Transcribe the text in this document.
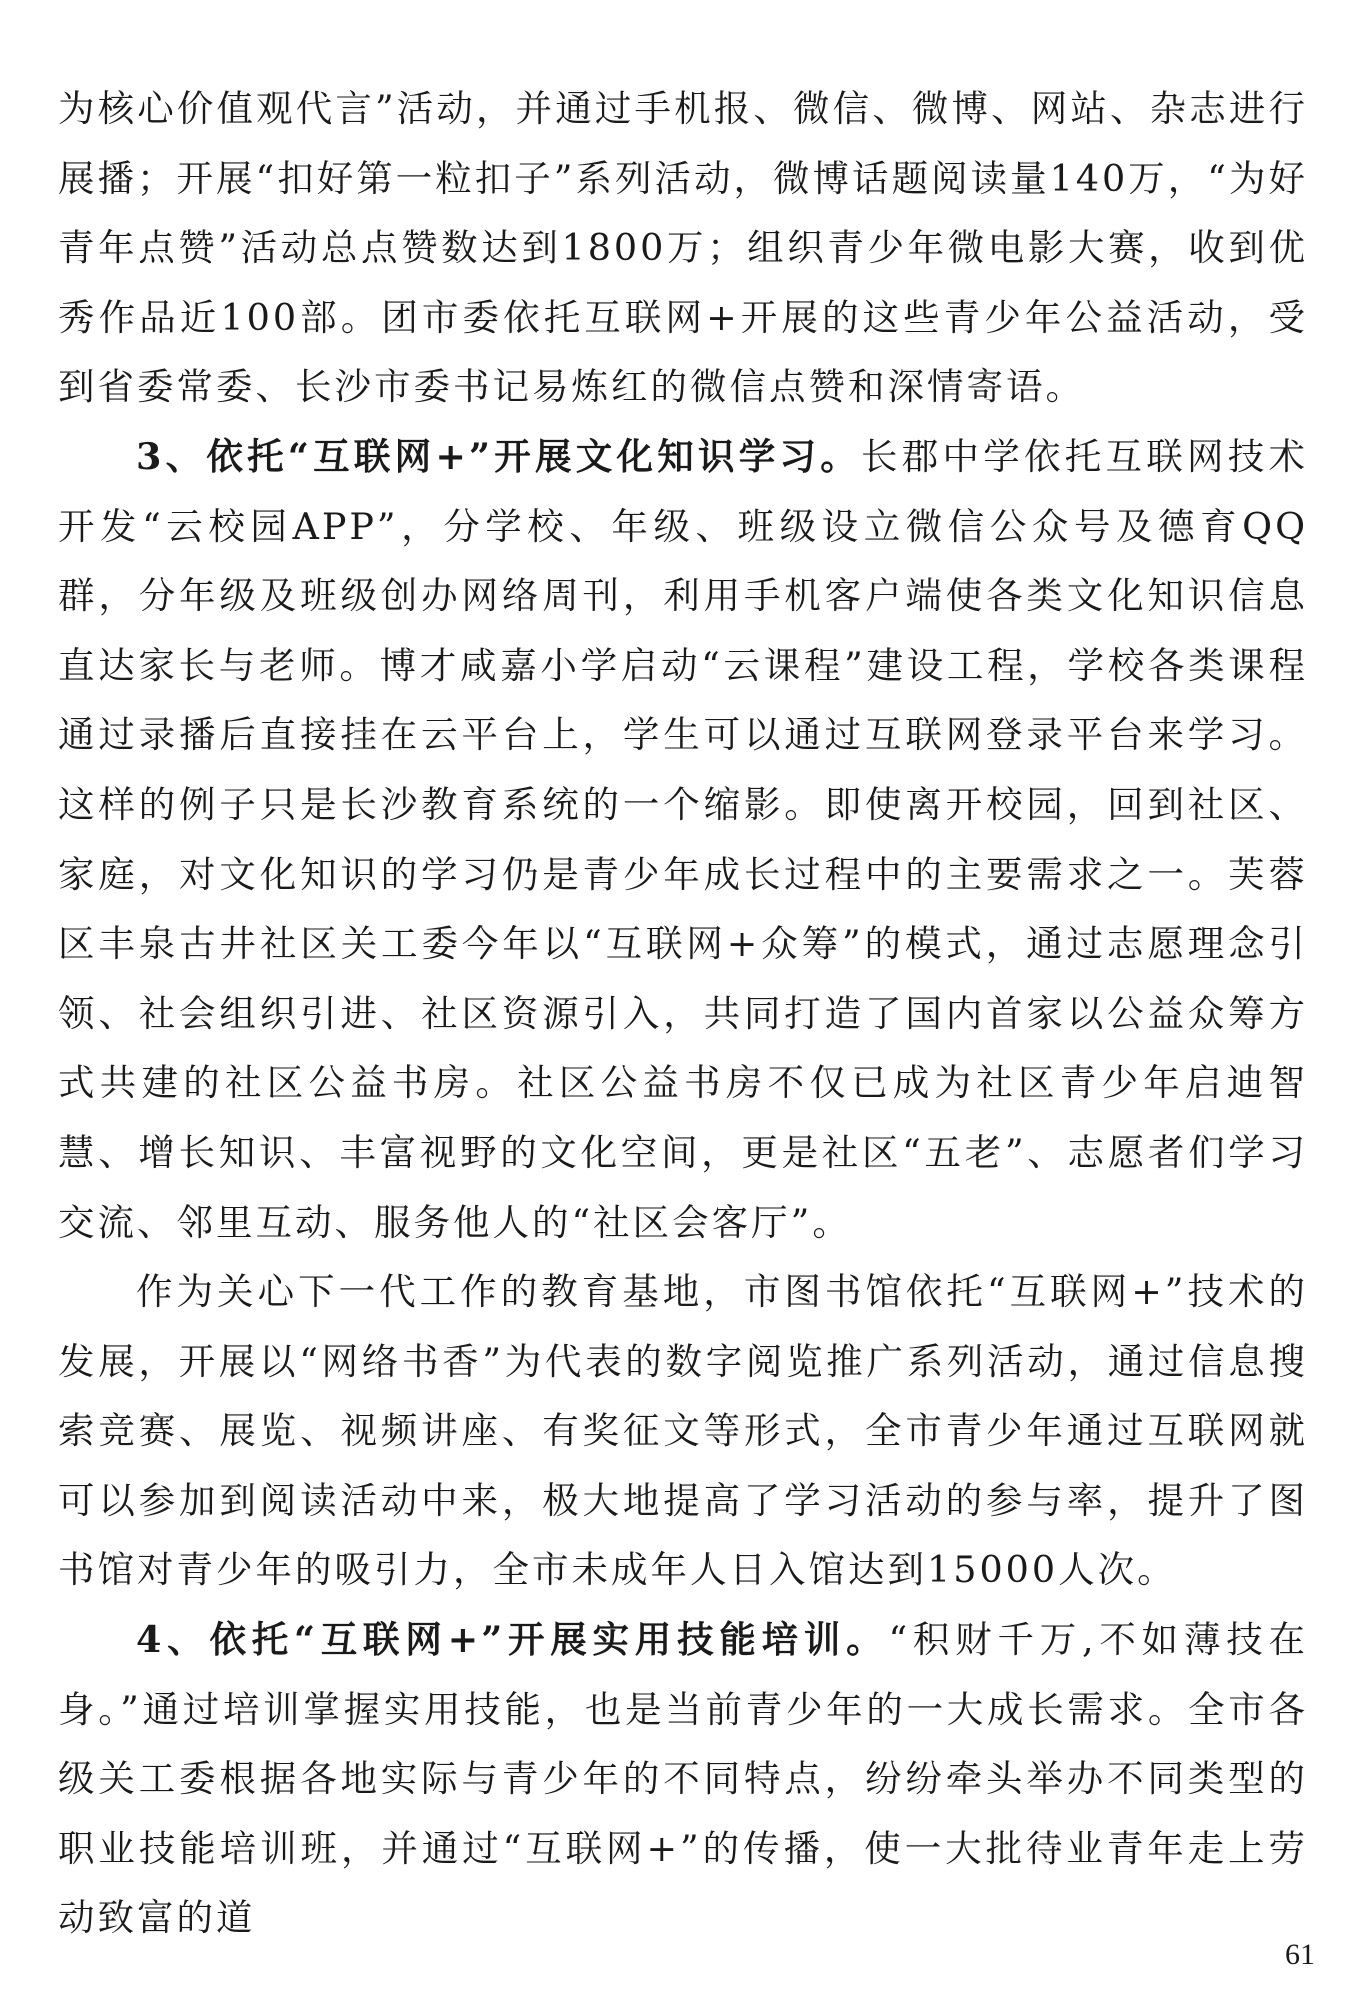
为核心价值观代言”活动，并通过手机报、微信、微博、网站、杂志进行展播；开展“扣好第一粒扣子”系列活动，微博话题阅读量140万，“为好青年点赞”活动总点赞数达到1800万；组织青少年微电影大赛，收到优秀作品近100部。团市委依托互联网+开展的这些青少年公益活动，受到省委常委、长沙市委书记易炼红的微信点赞和深情寄语。

3、依托“互联网+”开展文化知识学习。长郡中学依托互联网技术开发“云校园APP”，分学校、年级、班级设立微信公众号及德育QQ群，分年级及班级创办网络周刊，利用手机客户端使各类文化知识信息直达家长与老师。博才咸嘉小学启动“云课程”建设工程，学校各类课程通过录播后直接挂在云平台上，学生可以通过互联网登录平台来学习。这样的例子只是长沙教育系统的一个缩影。即使离开校园，回到社区、家庭，对文化知识的学习仍是青少年成长过程中的主要需求之一。芙蓉区丰泉古井社区关工委今年以“互联网+众筹”的模式，通过志愿理念引领、社会组织引进、社区资源引入，共同打造了国内首家以公益众筹方式共建的社区公益书房。社区公益书房不仅已成为社区青少年启迪智慧、增长知识、丰富视野的文化空间，更是社区“五老”、志愿者们学习交流、邻里互动、服务他人的“社区会客厅”。

作为关心下一代工作的教育基地，市图书馆依托“互联网+”技术的发展，开展以“网络书香”为代表的数字阅览推广系列活动，通过信息搜索竞赛、展览、视频讲座、有奖征文等形式，全市青少年通过互联网就可以参加到阅读活动中来，极大地提高了学习活动的参与率，提升了图书馆对青少年的吸引力，全市未成年人日入馆达到15000人次。

4、依托“互联网+”开展实用技能培训。“积财千万,不如薄技在身。”通过培训掌握实用技能，也是当前青少年的一大成长需求。全市各级关工委根据各地实际与青少年的不同特点，纷纷牵头举办不同类型的职业技能培训班，并通过“互联网+”的传播，使一大批待业青年走上劳动致富的道

61
